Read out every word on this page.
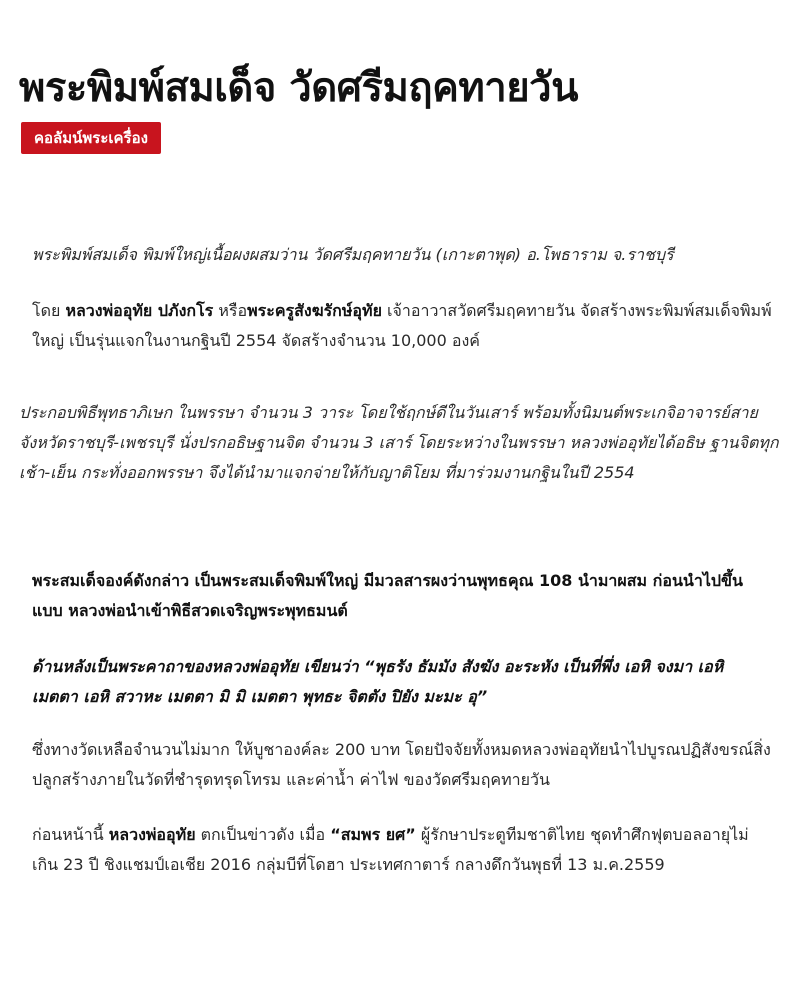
พระพิมพ์สมเด็จ วัดศรีมฤคทายวัน
คอลัมน์พระเครื่อง

พระพิมพ์สมเด็จ พิมพ์ใหญ่เนื้อผงผสมว่าน วัดศรีมฤคทายวัน (เกาะตาพุด) อ.โพธาราม จ.ราชบุรี

โดย หลวงพ่ออุทัย ปภังกโร หรือพระครูสังฆรักษ์อุทัย เจ้าอาวาสวัดศรีมฤคทายวัน จัดสร้างพระพิมพ์สมเด็จพิมพ์ใหญ่ เป็นรุ่นแจกในงานกฐินปี 2554 จัดสร้างจำนวน 10,000 องค์

ประกอบพิธีพุทธาภิเษก ในพรรษา จำนวน 3 วาระ โดยใช้ฤกษ์ดีในวันเสาร์ พร้อมทั้งนิมนต์พระเกจิอาจารย์สายจังหวัดราชบุรี-เพชรบุรี นั่งปรกอธิษฐานจิต จำนวน 3 เสาร์ โดยระหว่างในพรรษา หลวงพ่ออุทัยได้อธิษ ฐานจิตทุกเช้า-เย็น กระทั่งออกพรรษา จึงได้นำมาแจกจ่ายให้กับญาติโยม ที่มาร่วมงานกฐินในปี 2554

พระสมเด็จองค์ดังกล่าว เป็นพระสมเด็จพิมพ์ใหญ่ มีมวลสารผงว่านพุทธคุณ 108 นำมาผสม ก่อนนำไปขึ้นแบบ หลวงพ่อนำเข้าพิธีสวดเจริญพระพุทธมนต์

ด้านหลังเป็นพระคาถาของหลวงพ่ออุทัย เขียนว่า “พุธรัง ธัมมัง สังฆัง อะระหัง เป็นที่พึ่ง เอหิ จงมา เอหิ เมตตา เอหิ สวาหะ เมตตา มิ มิ เมตตา พุทธะ จิตตัง ปิยัง มะมะ อุ”

ซึ่งทางวัดเหลือจำนวนไม่มาก ให้บูชาองค์ละ 200 บาท โดยปัจจัยทั้งหมดหลวงพ่ออุทัยนำไปบูรณปฏิสังขรณ์สิ่งปลูกสร้างภายในวัดที่ชำรุดทรุดโทรม และค่าน้ำ ค่าไฟ ของวัดศรีมฤคทายวัน

ก่อนหน้านี้ หลวงพ่ออุทัย ตกเป็นข่าวดัง เมื่อ “สมพร ยศ” ผู้รักษาประตูทีมชาติไทย ชุดทำศึกฟุตบอลอายุไม่เกิน 23 ปี ชิงแชมป์เอเชีย 2016 กลุ่มบีที่โดฮา ประเทศกาตาร์ กลางดึกวันพุธที่ 13 ม.ค.2559
